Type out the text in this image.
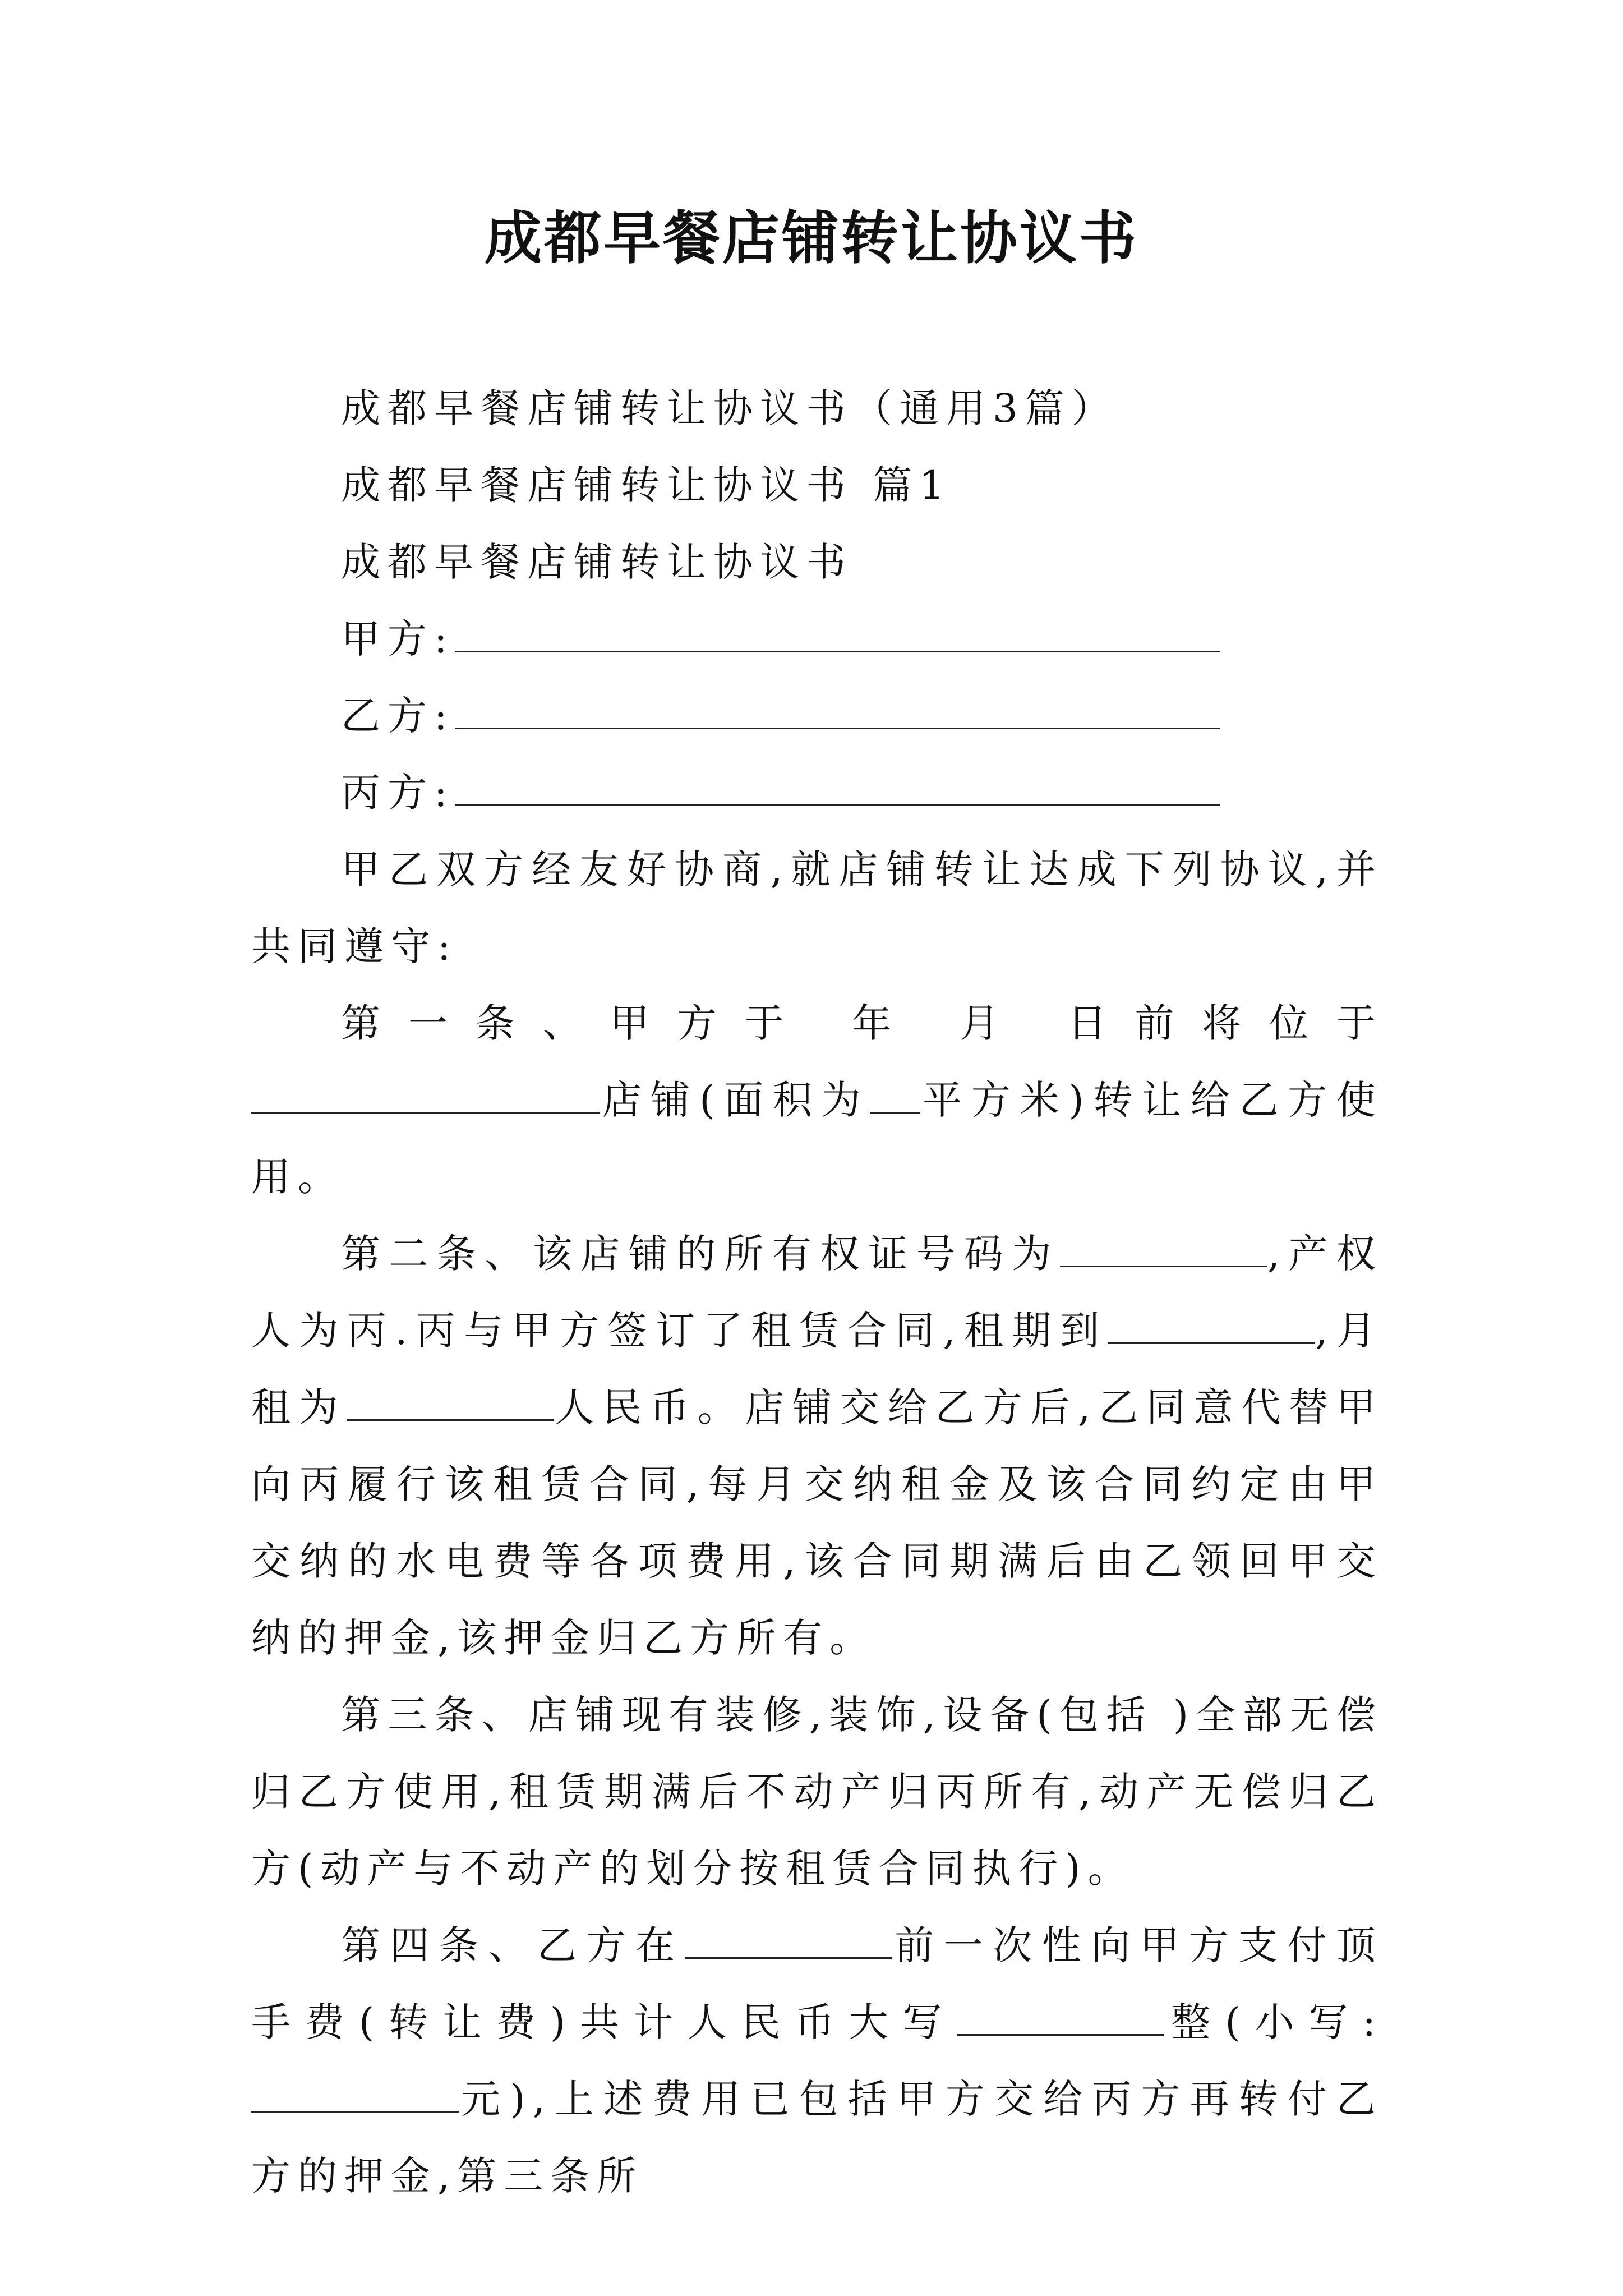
成都早餐店铺转让协议书

成都早餐店铺转让协议书（通用3篇）

成都早餐店铺转让协议书 篇1

成都早餐店铺转让协议书

甲方:

乙方:

丙方:

甲乙双方经友好协商,就店铺转让达成下列协议,并共同遵守:

第一条、甲方于 年 月 日前将位于店铺(面积为 平方米)转让给乙方使用。

第二条、该店铺的所有权证号码为	,产权人为丙.丙与甲方签订了租赁合同,租期到	,月租为	人民币。店铺交给乙方后,乙同意代替甲向丙履行该租赁合同,每月交纳租金及该合同约定由甲交纳的水电费等各项费用,该合同期满后由乙领回甲交纳的押金,该押金归乙方所有。

第三条、店铺现有装修,装饰,设备(包括 )全部无偿归乙方使用,租赁期满后不动产归丙所有,动产无偿归乙方(动产与不动产的划分按租赁合同执行)。

第四条、乙方在	前一次性向甲方支付顶手费(转让费)共计人民币大写	整(小写:元),上述费用已包括甲方交给丙方再转付乙方的押金,第三条所
